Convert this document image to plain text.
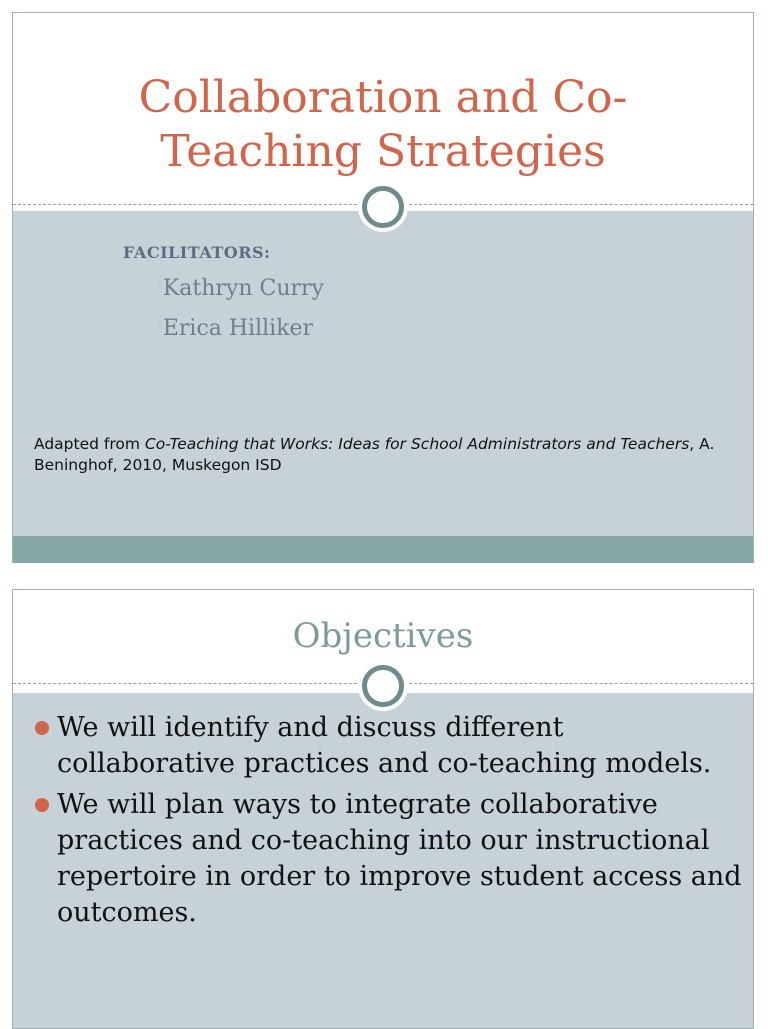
Collaboration and Co-
Teaching Strategies
FACILITATORS:
·Kathryn Curry
·Erica Hilliker
Adapted from Co-Teaching that Works: Ideas for School Administrators and Teachers, A. Beninghof, 2010, Muskegon ISD
Objectives
We will identify and discuss different collaborative practices and co-teaching models.
We will plan ways to integrate collaborative practices and co-teaching into our instructional repertoire in order to improve student access and outcomes.
